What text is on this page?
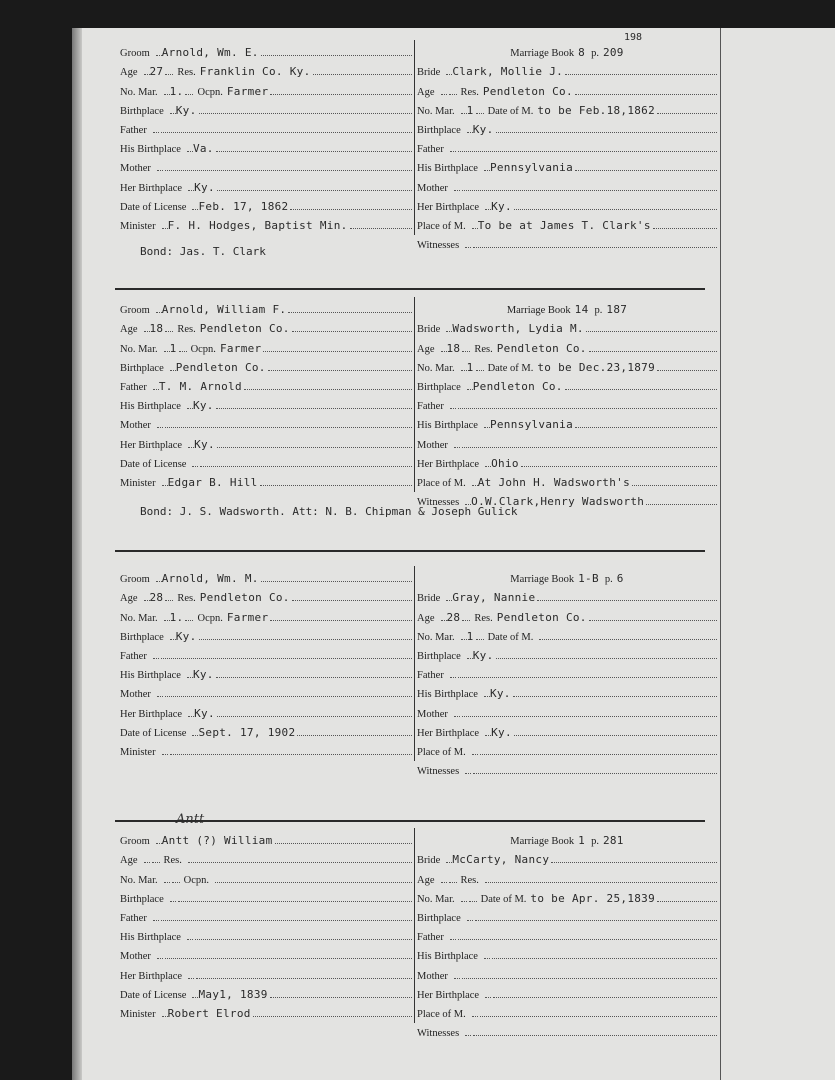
Groom	Arnold, Wm. E.
Age	27	Res. Franklin Co. Ky.
No. Mar.	1.	Ocpn. Farmer
Birthplace	Ky.
Father
His Birthplace	Va.
Mother
Her Birthplace	Ky.
Date of License	Feb. 17, 1862
Minister	F. H. Hodges, Baptist Min.
Marriage Book 8 p. 209
Bride	Clark, Mollie J.
Age	Res. Pendleton Co.
No. Mar.	1	Date of M. to be Feb.18,1862
Birthplace	Ky.
Father
His Birthplace	Pennsylvania
Mother
Her Birthplace	Ky.
Place of M.	To be at James T. Clark's
Witnesses
198
Bond: Jas. T. Clark
Groom	Arnold, William F.
Age	18	Res. Pendleton Co.
No. Mar.	1	Ocpn. Farmer
Birthplace	Pendleton Co.
Father	T. M. Arnold
His Birthplace	Ky.
Mother
Her Birthplace	Ky.
Date of License
Minister	Edgar B. Hill
Marriage Book 14 p. 187
Bride	Wadsworth, Lydia M.
Age	18	Res. Pendleton Co.
No. Mar.	1	Date of M. to be Dec.23,1879
Birthplace	Pendleton Co.
Father
His Birthplace	Pennsylvania
Mother
Her Birthplace	Ohio
Place of M.	At John H. Wadsworth's
Witnesses	O.W.Clark,Henry Wadsworth
Bond: J. S. Wadsworth. Att: N. B. Chipman & Joseph Gulick
Groom	Arnold, Wm. M.
Age	28	Res. Pendleton Co.
No. Mar.	1.	Ocpn. Farmer
Birthplace	Ky.
Father
His Birthplace	Ky.
Mother
Her Birthplace	Ky.
Date of License	Sept. 17, 1902
Minister
Marriage Book 1-B p. 6
Bride	Gray, Nannie
Age	28	Res. Pendleton Co.
No. Mar.	1	Date of M.
Birthplace	Ky.
Father
His Birthplace	Ky.
Mother
Her Birthplace	Ky.
Place of M.
Witnesses
Groom	Antt (?) William
Age	Res.
No. Mar.	Ocpn.
Birthplace
Father
His Birthplace
Mother
Her Birthplace
Date of License	May1, 1839
Minister	Robert Elrod
Marriage Book 1 p. 281
Bride	McCarty, Nancy
Age	Res.
No. Mar.	Date of M. to be Apr. 25,1839
Birthplace
Father
His Birthplace
Mother
Her Birthplace
Place of M.
Witnesses
